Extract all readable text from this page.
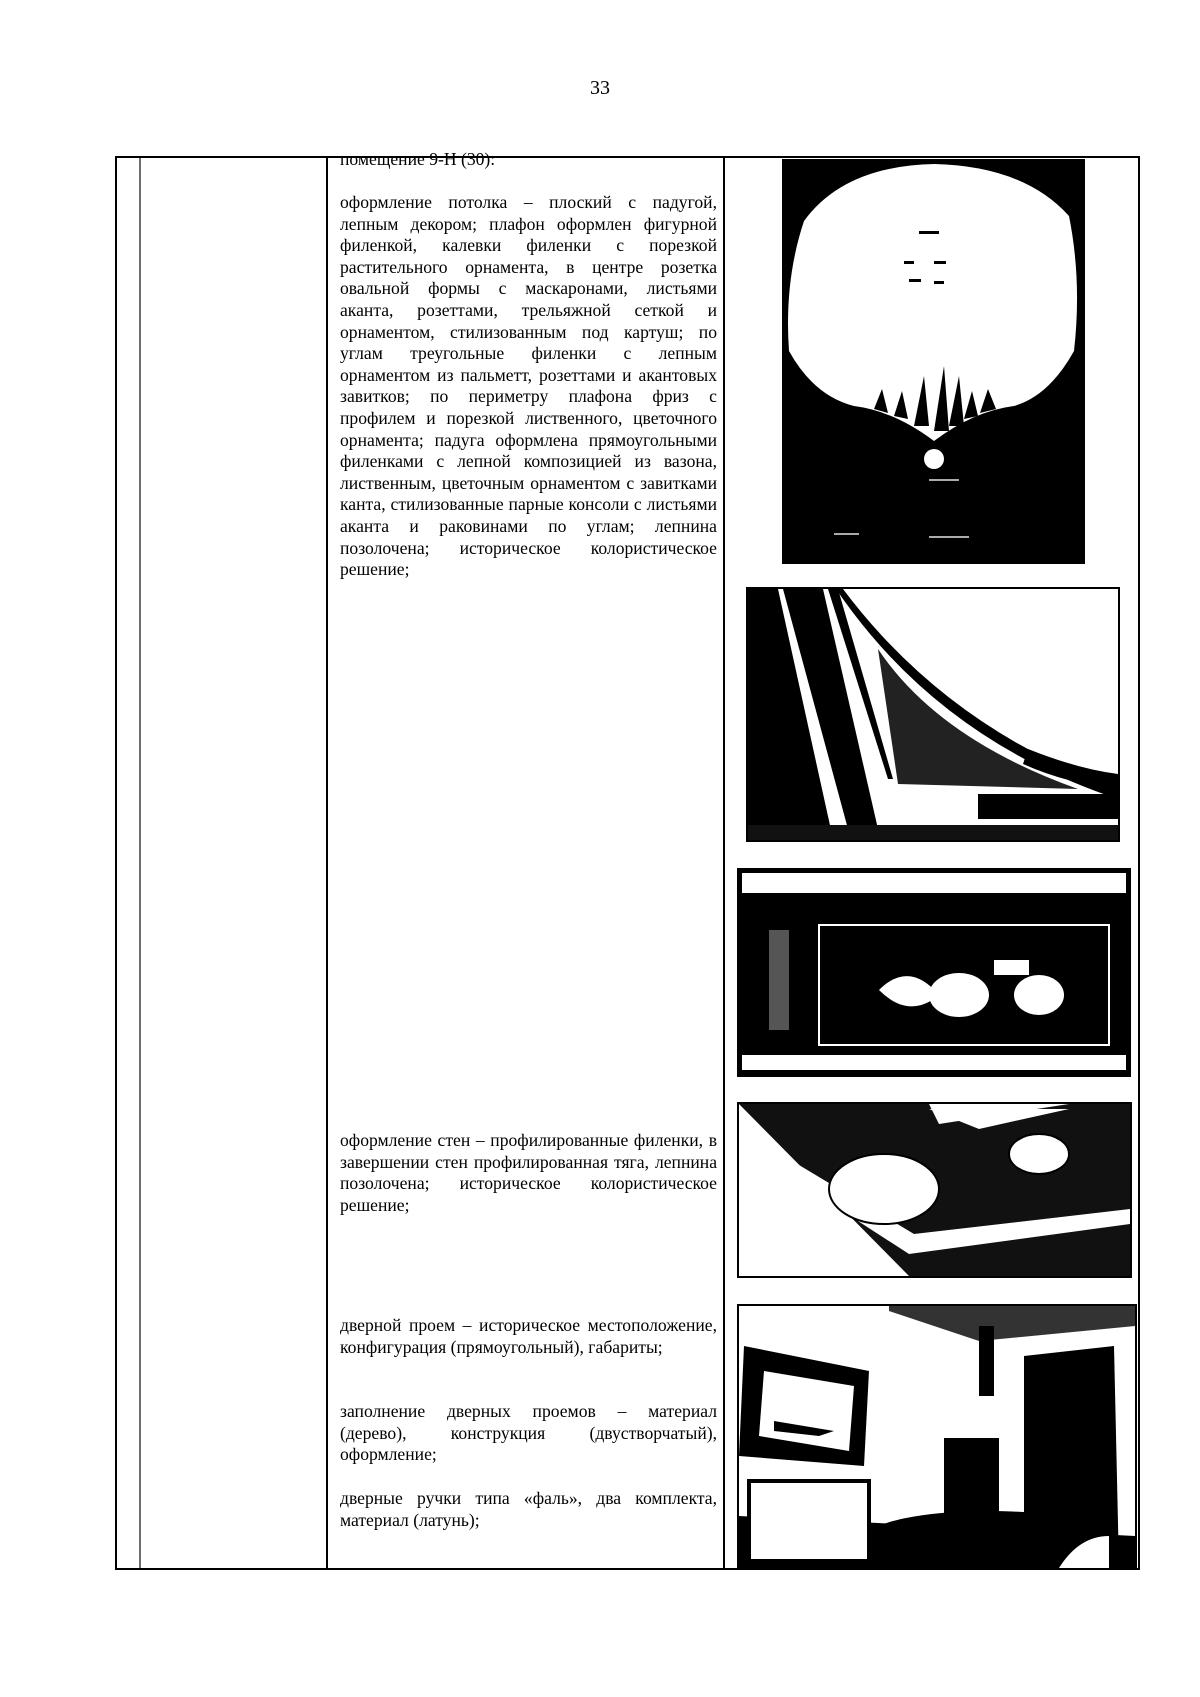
33

помещение 9-Н (30):

оформление потолка – плоский с падугой, лепным декором; плафон оформлен фигурной филенкой, калевки филенки с порезкой растительного орнамента, в центре розетка овальной формы с маскаронами, листьями аканта, розеттами, трельяжной сеткой и орнаментом, стилизованным под картуш; по углам треугольные филенки с лепным орнаментом из пальметт, розеттами и акантовых завитков; по периметру плафона фриз с профилем и порезкой лиственного, цветочного орнамента; падуга оформлена прямоугольными филенками с лепной композицией из вазона, лиственным, цветочным орнаментом с завитками канта, стилизованные парные консоли с листьями аканта и раковинами по углам; лепнина позолочена; историческое колористическое решение;

оформление стен – профилированные филенки, в завершении стен профилированная тяга, лепнина позолочена; историческое колористическое решение;

дверной проем – историческое местоположение, конфигурация (прямоугольный), габариты;

заполнение дверных проемов – материал (дерево), конструкция (двустворчатый), оформление;

дверные ручки типа «фаль», два комплекта, материал (латунь);
